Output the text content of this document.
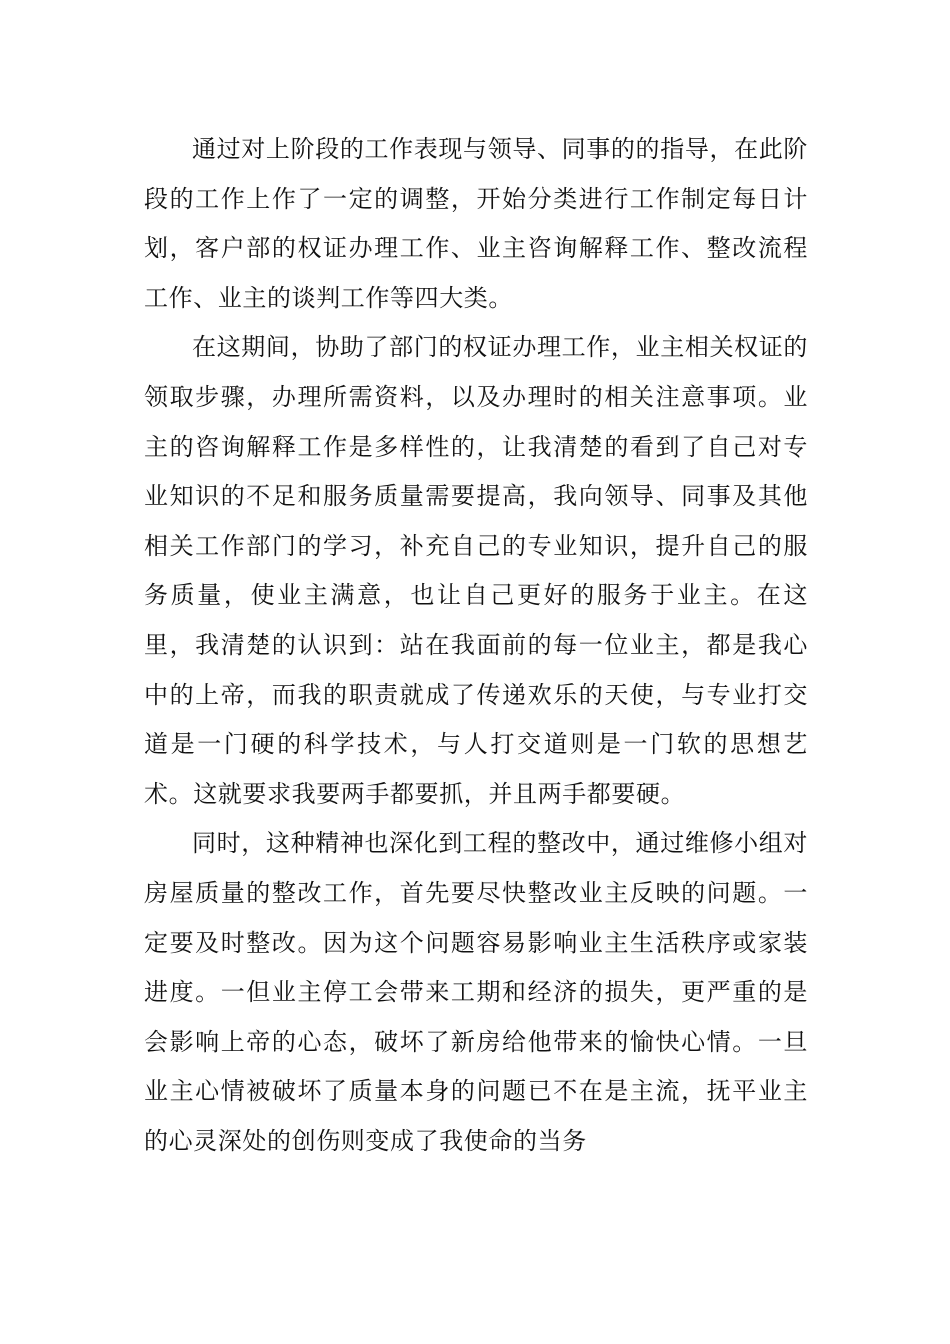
通过对上阶段的工作表现与领导、同事的的指导，在此阶段的工作上作了一定的调整，开始分类进行工作制定每日计划，客户部的权证办理工作、业主咨询解释工作、整改流程工作、业主的谈判工作等四大类。

在这期间，协助了部门的权证办理工作，业主相关权证的领取步骤，办理所需资料，以及办理时的相关注意事项。业主的咨询解释工作是多样性的，让我清楚的看到了自己对专业知识的不足和服务质量需要提高，我向领导、同事及其他相关工作部门的学习，补充自己的专业知识，提升自己的服务质量，使业主满意，也让自己更好的服务于业主。在这里，我清楚的认识到：站在我面前的每一位业主，都是我心中的上帝，而我的职责就成了传递欢乐的天使，与专业打交道是一门硬的科学技术，与人打交道则是一门软的思想艺术。这就要求我要两手都要抓，并且两手都要硬。

同时，这种精神也深化到工程的整改中，通过维修小组对房屋质量的整改工作，首先要尽快整改业主反映的问题。一定要及时整改。因为这个问题容易影响业主生活秩序或家装进度。一但业主停工会带来工期和经济的损失，更严重的是会影响上帝的心态，破坏了新房给他带来的愉快心情。一旦业主心情被破坏了质量本身的问题已不在是主流，抚平业主的心灵深处的创伤则变成了我使命的当务
